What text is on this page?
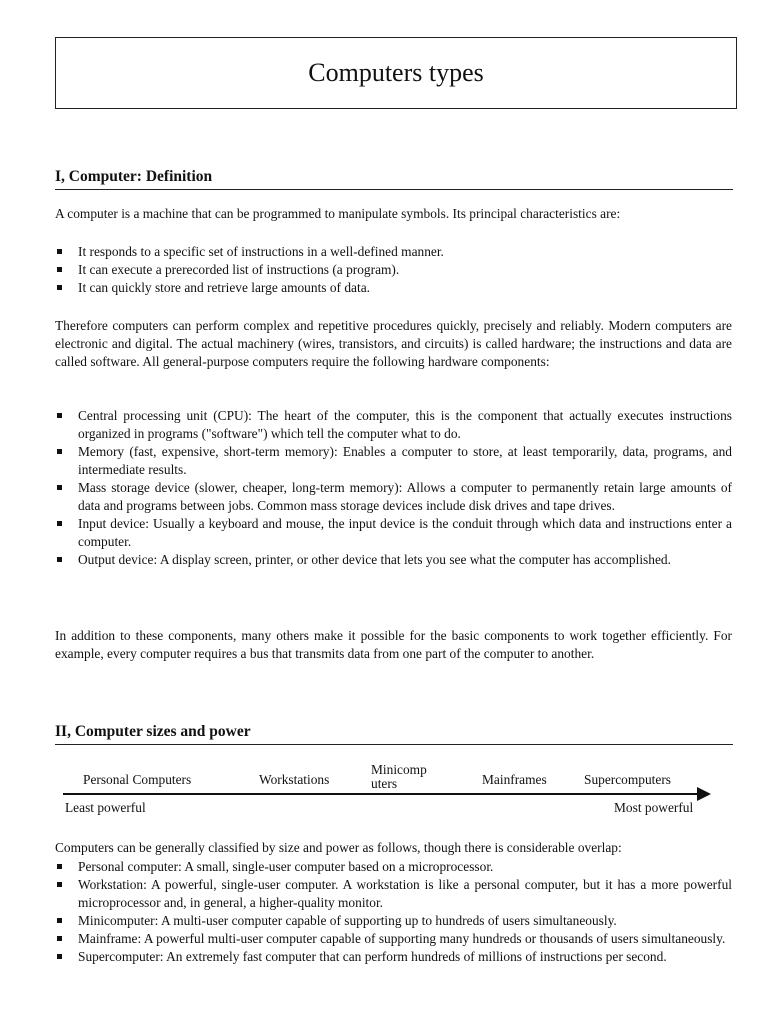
Computers types
I, Computer: Definition

A computer is a machine that can be programmed to manipulate symbols. Its principal characteristics are:

It responds to a specific set of instructions in a well-defined manner.
It can execute a prerecorded list of instructions (a program).
It can quickly store and retrieve large amounts of data.

Therefore computers can perform complex and repetitive procedures quickly, precisely and reliably. Modern computers are electronic and digital. The actual machinery (wires, transistors, and circuits) is called hardware; the instructions and data are called software. All general-purpose computers require the following hardware components:

Central processing unit (CPU): The heart of the computer, this is the component that actually executes instructions organized in programs ("software") which tell the computer what to do.
Memory (fast, expensive, short-term memory): Enables a computer to store, at least temporarily, data, programs, and intermediate results.
Mass storage device (slower, cheaper, long-term memory): Allows a computer to permanently retain large amounts of data and programs between jobs. Common mass storage devices include disk drives and tape drives.
Input device: Usually a keyboard and mouse, the input device is the conduit through which data and instructions enter a computer.
Output device: A display screen, printer, or other device that lets you see what the computer has accomplished.

In addition to these components, many others make it possible for the basic components to work together efficiently. For example, every computer requires a bus that transmits data from one part of the computer to another.

II, Computer sizes and power
Personal Computers	Workstations
Minicomputers	Mainframes	Supercomputers
Least powerful	Most powerful

Computers can be generally classified by size and power as follows, though there is considerable overlap:

Personal computer: A small, single-user computer based on a microprocessor.
Workstation: A powerful, single-user computer. A workstation is like a personal computer, but it has a more powerful microprocessor and, in general, a higher-quality monitor.
Minicomputer: A multi-user computer capable of supporting up to hundreds of users simultaneously.
Mainframe: A powerful multi-user computer capable of supporting many hundreds or thousands of users simultaneously.
Supercomputer: An extremely fast computer that can perform hundreds of millions of instructions per second.
